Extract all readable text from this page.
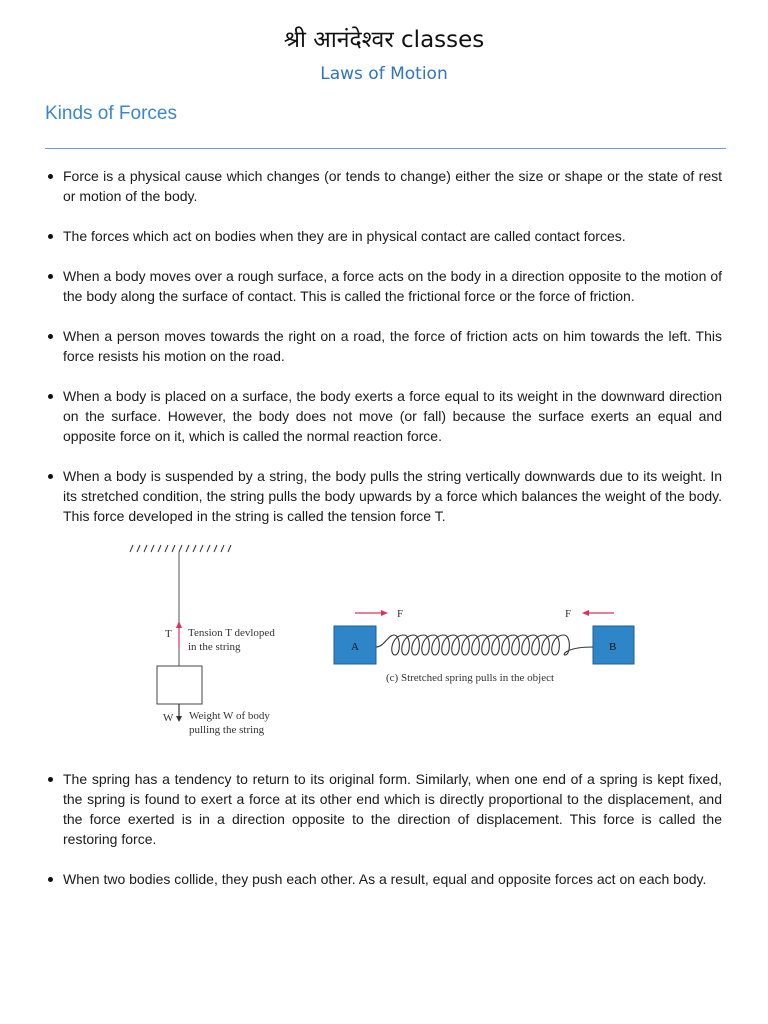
श्री आनंदेश्वर classes
Laws of Motion
Kinds of Forces
Force is a physical cause which changes (or tends to change) either the size or shape or the state of rest or motion of the body.
The forces which act on bodies when they are in physical contact are called contact forces.
When a body moves over a rough surface, a force acts on the body in a direction opposite to the motion of the body along the surface of contact. This is called the frictional force or the force of friction.
When a person moves towards the right on a road, the force of friction acts on him towards the left. This force resists his motion on the road.
When a body is placed on a surface, the body exerts a force equal to its weight in the downward direction on the surface. However, the body does not move (or fall) because the surface exerts an equal and opposite force on it, which is called the normal reaction force.
When a body is suspended by a string, the body pulls the string vertically downwards due to its weight. In its stretched condition, the string pulls the body upwards by a force which balances the weight of the body. This force developed in the string is called the tension force T.
T Tension T devloped
in the string
W Weight W of body
pulling the string
F	F
A	B
(c) Stretched spring pulls in the object
The spring has a tendency to return to its original form. Similarly, when one end of a spring is kept fixed, the spring is found to exert a force at its other end which is directly proportional to the displacement, and the force exerted is in a direction opposite to the direction of displacement. This force is called the restoring force.
When two bodies collide, they push each other. As a result, equal and opposite forces act on each body.
